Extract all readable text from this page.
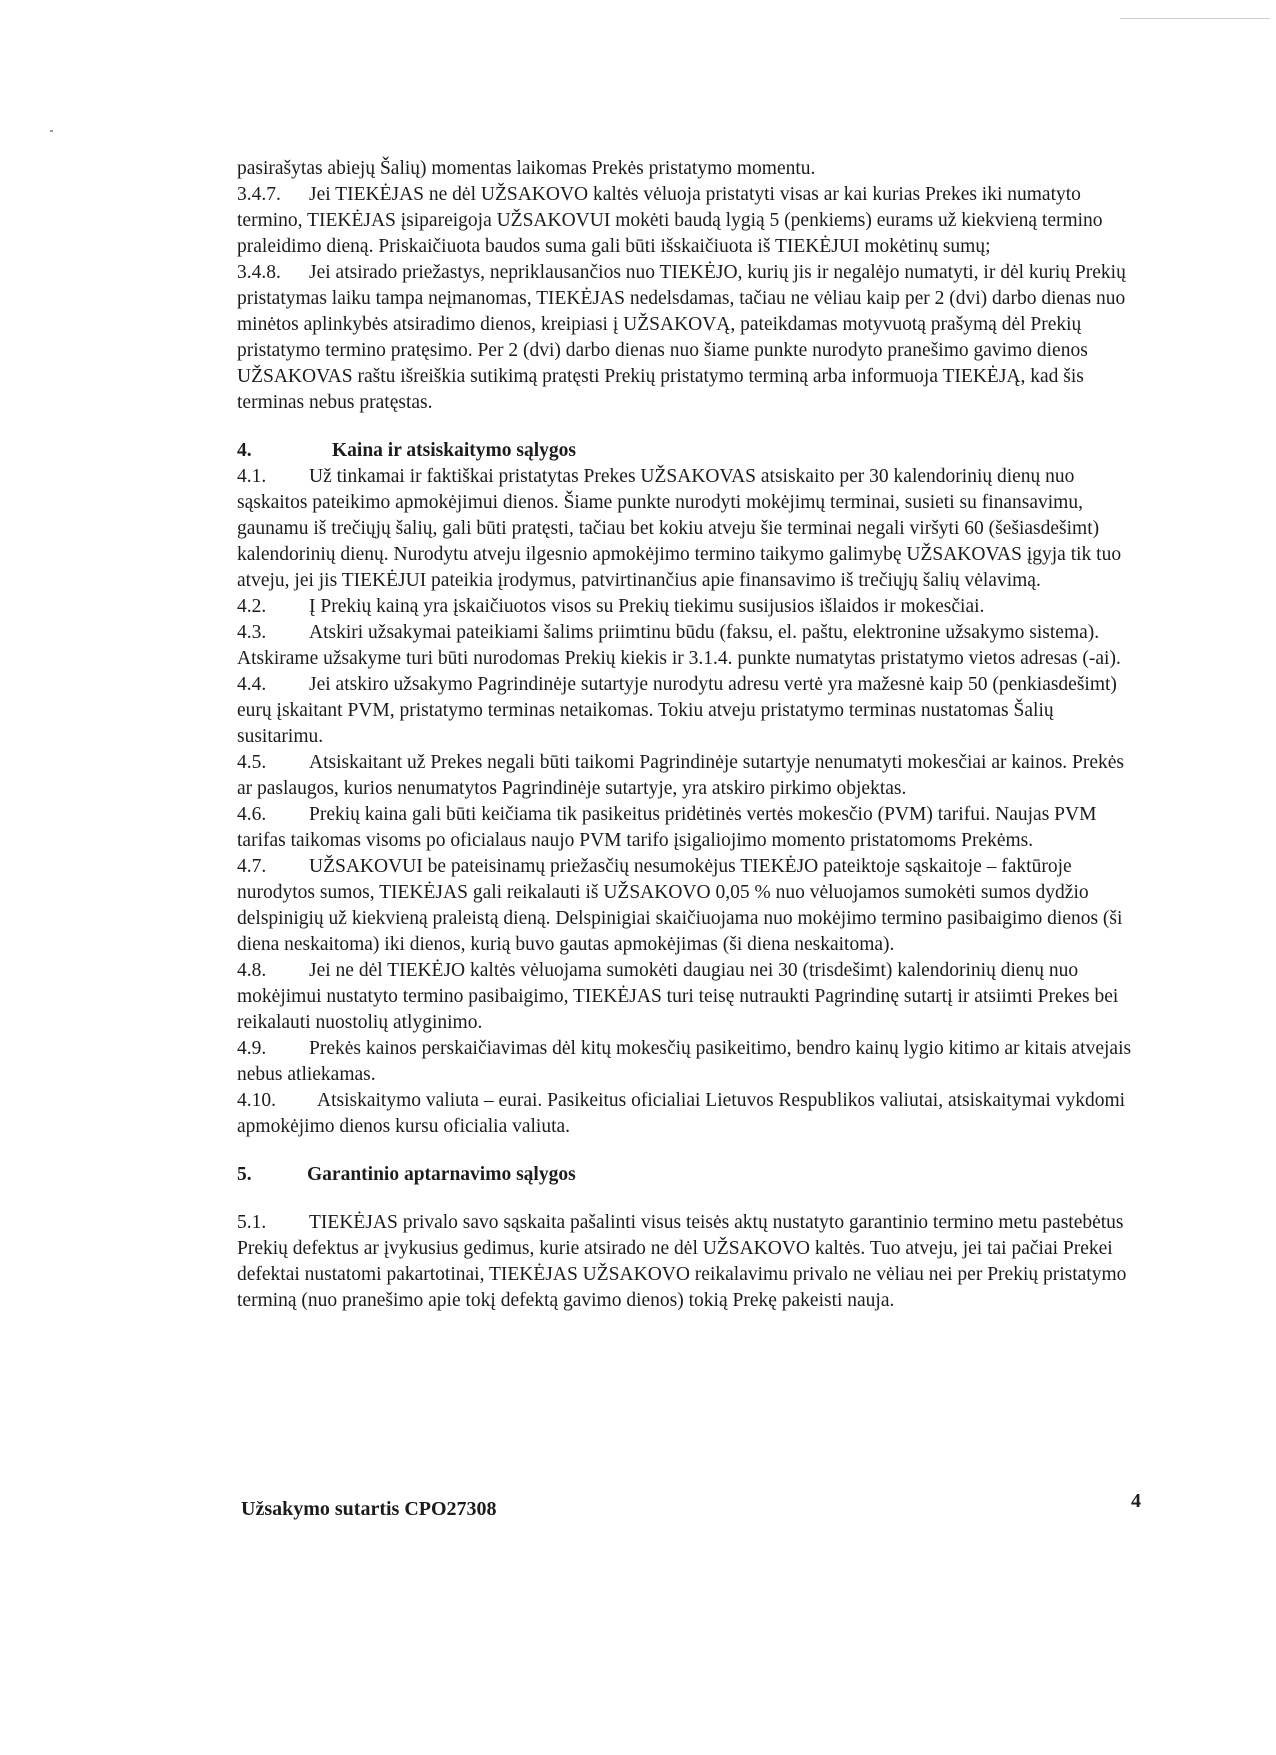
pasirašytas abiejų Šalių) momentas laikomas Prekės pristatymo momentu.

3.4.7. Jei TIEKĖJAS ne dėl UŽSAKOVO kaltės vėluoja pristatyti visas ar kai kurias Prekes iki numatyto termino, TIEKĖJAS įsipareigoja UŽSAKOVUI mokėti baudą lygią 5 (penkiems) eurams už kiekvieną termino praleidimo dieną. Priskaičiuota baudos suma gali būti išskaičiuota iš TIEKĖJUI mokėtinų sumų;

3.4.8. Jei atsirado priežastys, nepriklausančios nuo TIEKĖJO, kurių jis ir negalėjo numatyti, ir dėl kurių Prekių pristatymas laiku tampa neįmanomas, TIEKĖJAS nedelsdamas, tačiau ne vėliau kaip per 2 (dvi) darbo dienas nuo minėtos aplinkybės atsiradimo dienos, kreipiasi į UŽSAKOVĄ, pateikdamas motyvuotą prašymą dėl Prekių pristatymo termino pratęsimo. Per 2 (dvi) darbo dienas nuo šiame punkte nurodyto pranešimo gavimo dienos UŽSAKOVAS raštu išreiškia sutikimą pratęsti Prekių pristatymo terminą arba informuoja TIEKĖJĄ, kad šis terminas nebus pratęstas.

4.	Kaina ir atsiskaitymo sąlygos

4.1. Už tinkamai ir faktiškai pristatytas Prekes UŽSAKOVAS atsiskaito per 30 kalendorinių dienų nuo sąskaitos pateikimo apmokėjimui dienos. Šiame punkte nurodyti mokėjimų terminai, susieti su finansavimu, gaunamu iš trečiųjų šalių, gali būti pratęsti, tačiau bet kokiu atveju šie terminai negali viršyti 60 (šešiasdešimt) kalendorinių dienų. Nurodytu atveju ilgesnio apmokėjimo termino taikymo galimybę UŽSAKOVAS įgyja tik tuo atveju, jei jis TIEKĖJUI pateikia įrodymus, patvirtinančius apie finansavimo iš trečiųjų šalių vėlavimą.

4.2. Į Prekių kainą yra įskaičiuotos visos su Prekių tiekimu susijusios išlaidos ir mokesčiai.

4.3. Atskiri užsakymai pateikiami šalims priimtinu būdu (faksu, el. paštu, elektronine užsakymo sistema). Atskirame užsakyme turi būti nurodomas Prekių kiekis ir 3.1.4. punkte numatytas pristatymo vietos adresas (-ai).

4.4. Jei atskiro užsakymo Pagrindinėje sutartyje nurodytu adresu vertė yra mažesnė kaip 50 (penkiasdešimt) eurų įskaitant PVM, pristatymo terminas netaikomas. Tokiu atveju pristatymo terminas nustatomas Šalių susitarimu.

4.5. Atsiskaitant už Prekes negali būti taikomi Pagrindinėje sutartyje nenumatyti mokesčiai ar kainos. Prekės ar paslaugos, kurios nenumatytos Pagrindinėje sutartyje, yra atskiro pirkimo objektas.

4.6. Prekių kaina gali būti keičiama tik pasikeitus pridėtinės vertės mokesčio (PVM) tarifui. Naujas PVM tarifas taikomas visoms po oficialaus naujo PVM tarifo įsigaliojimo momento pristatomoms Prekėms.

4.7. UŽSAKOVUI be pateisinamų priežasčių nesumokėjus TIEKĖJO pateiktoje sąskaitoje – faktūroje nurodytos sumos, TIEKĖJAS gali reikalauti iš UŽSAKOVO 0,05 % nuo vėluojamos sumokėti sumos dydžio delspinigių už kiekvieną praleistą dieną. Delspinigiai skaičiuojama nuo mokėjimo termino pasibaigimo dienos (ši diena neskaitoma) iki dienos, kurią buvo gautas apmokėjimas (ši diena neskaitoma).

4.8. Jei ne dėl TIEKĖJO kaltės vėluojama sumokėti daugiau nei 30 (trisdešimt) kalendorinių dienų nuo mokėjimui nustatyto termino pasibaigimo, TIEKĖJAS turi teisę nutraukti Pagrindinę sutartį ir atsiimti Prekes bei reikalauti nuostolių atlyginimo.

4.9. Prekės kainos perskaičiavimas dėl kitų mokesčių pasikeitimo, bendro kainų lygio kitimo ar kitais atvejais nebus atliekamas.

4.10. Atsiskaitymo valiuta – eurai. Pasikeitus oficialiai Lietuvos Respublikos valiutai, atsiskaitymai vykdomi apmokėjimo dienos kursu oficialia valiuta.

5.	Garantinio aptarnavimo sąlygos

5.1. TIEKĖJAS privalo savo sąskaita pašalinti visus teisės aktų nustatyto garantinio termino metu pastebėtus Prekių defektus ar įvykusius gedimus, kurie atsirado ne dėl UŽSAKOVO kaltės. Tuo atveju, jei tai pačiai Prekei defektai nustatomi pakartotinai, TIEKĖJAS UŽSAKOVO reikalavimu privalo ne vėliau nei per Prekių pristatymo terminą (nuo pranešimo apie tokį defektą gavimo dienos) tokią Prekę pakeisti nauja.

Užsakymo sutartis CPO27308	4
